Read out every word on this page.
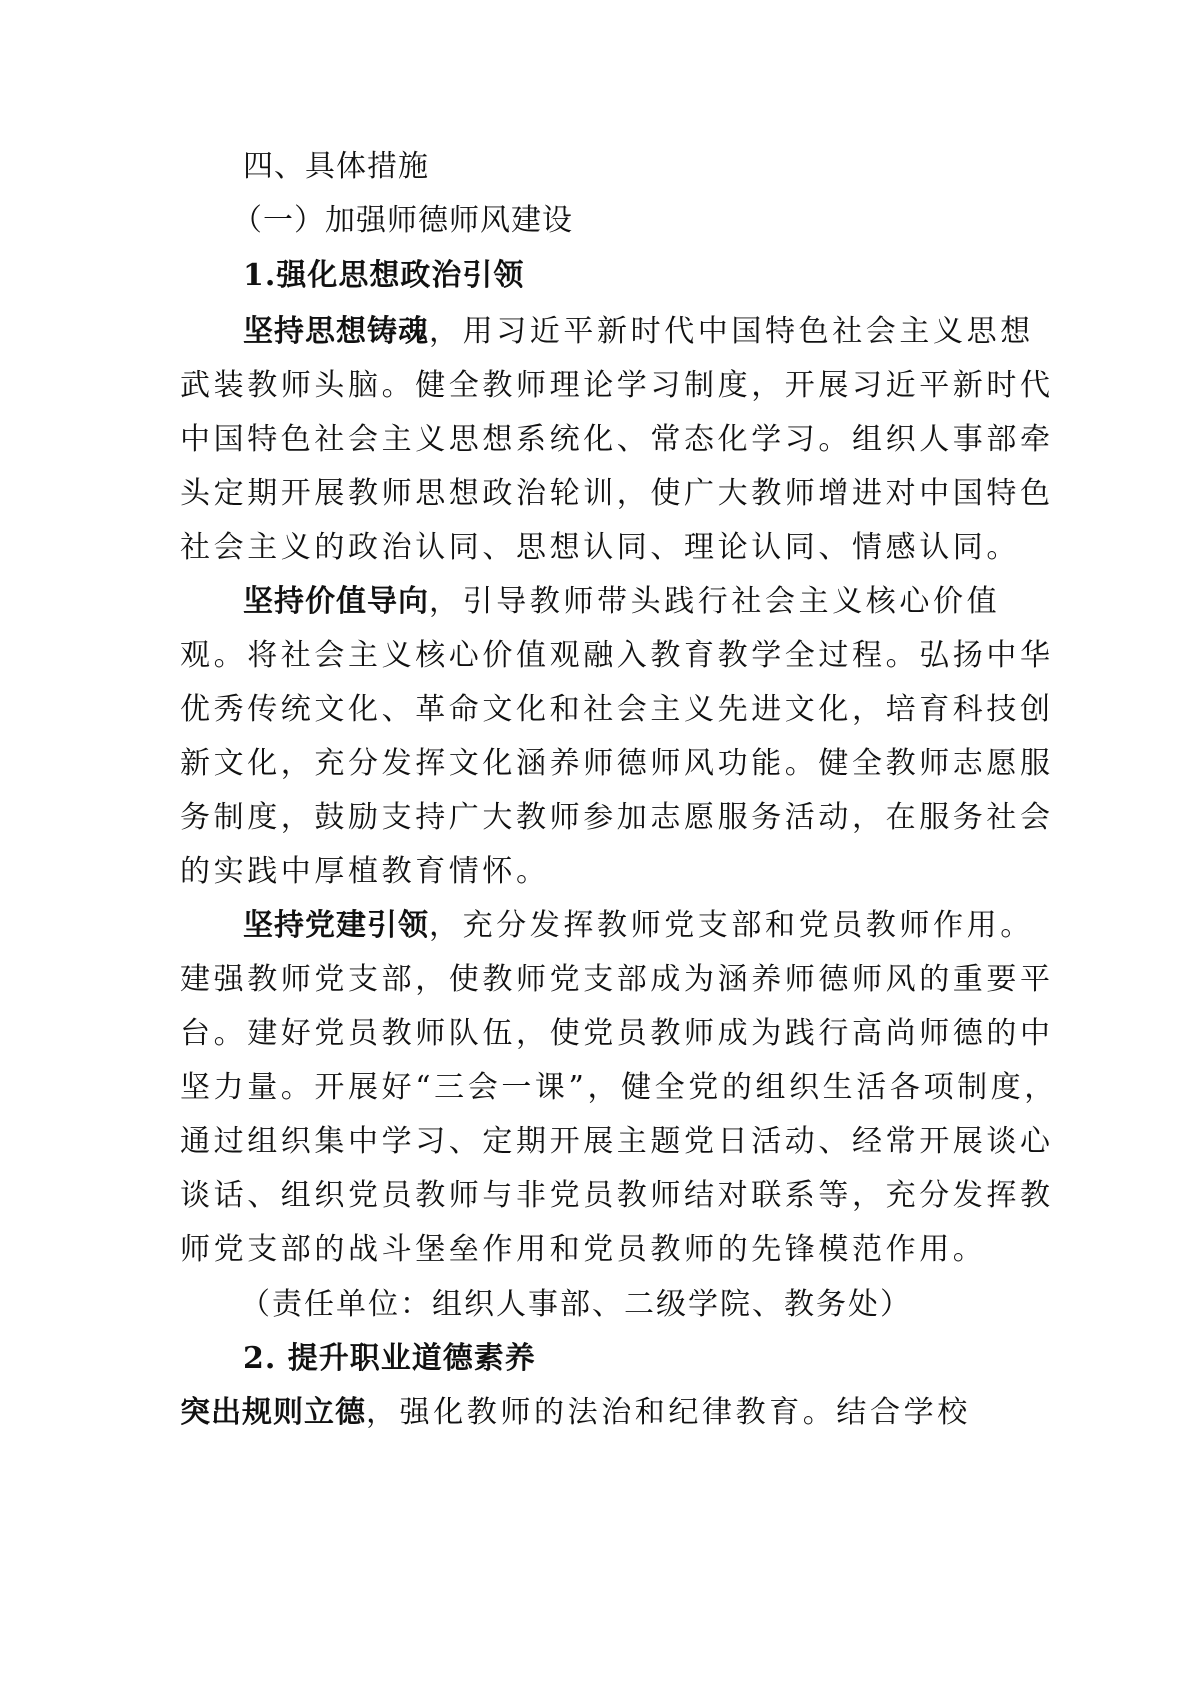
四、具体措施
（一）加强师德师风建设
1.强化思想政治引领
坚持思想铸魂，用习近平新时代中国特色社会主义思想
武装教师头脑。健全教师理论学习制度，开展习近平新时代
中国特色社会主义思想系统化、常态化学习。组织人事部牵
头定期开展教师思想政治轮训，使广大教师增进对中国特色
社会主义的政治认同、思想认同、理论认同、情感认同。
坚持价值导向，引导教师带头践行社会主义核心价值
观。将社会主义核心价值观融入教育教学全过程。弘扬中华
优秀传统文化、革命文化和社会主义先进文化，培育科技创
新文化，充分发挥文化涵养师德师风功能。健全教师志愿服
务制度，鼓励支持广大教师参加志愿服务活动，在服务社会
的实践中厚植教育情怀。
坚持党建引领，充分发挥教师党支部和党员教师作用。
建强教师党支部，使教师党支部成为涵养师德师风的重要平
台。建好党员教师队伍，使党员教师成为践行高尚师德的中
坚力量。开展好“三会一课”，健全党的组织生活各项制度，
通过组织集中学习、定期开展主题党日活动、经常开展谈心
谈话、组织党员教师与非党员教师结对联系等，充分发挥教
师党支部的战斗堡垒作用和党员教师的先锋模范作用。
（责任单位：组织人事部、二级学院、教务处）
2. 提升职业道德素养
突出规则立德，强化教师的法治和纪律教育。结合学校
